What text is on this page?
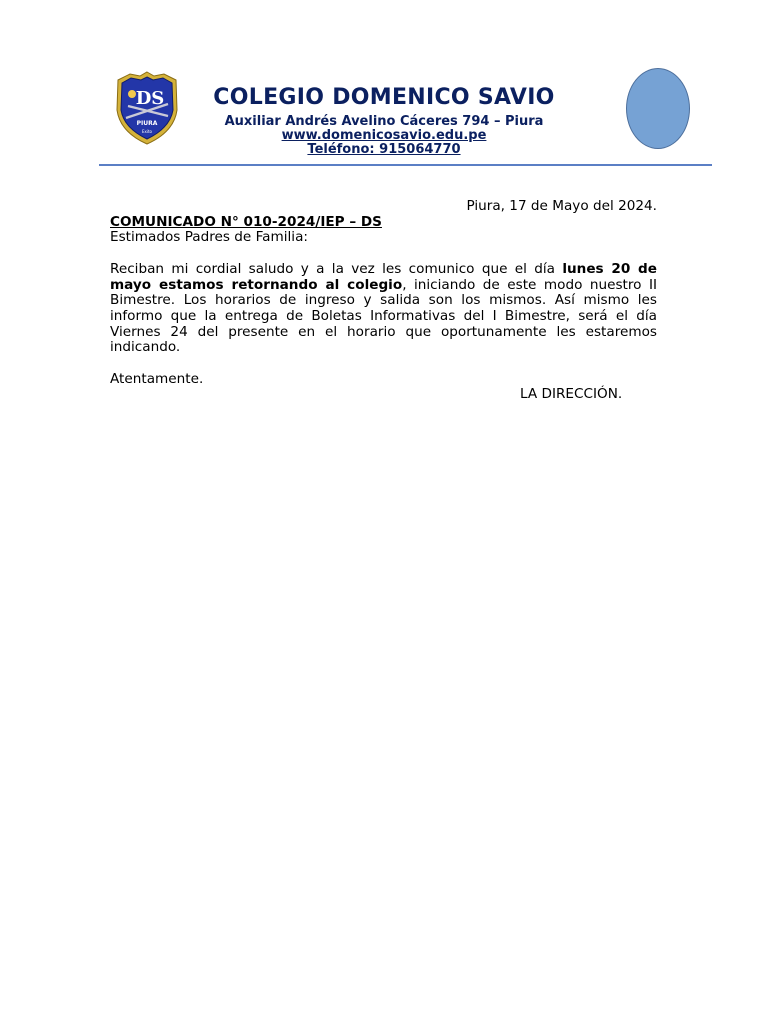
DS
PIURA
Exito
COLEGIO DOMENICO SAVIO
Auxiliar Andrés Avelino Cáceres 794 – Piura
www.domenicosavio.edu.pe
Teléfono: 915064770
Piura, 17 de Mayo del 2024.
COMUNICADO N° 010-2024/IEP – DS
Estimados Padres de Familia:
Reciban mi cordial saludo y a la vez les comunico que el día lunes 20 de mayo estamos retornando al colegio, iniciando de este modo nuestro II Bimestre. Los horarios de ingreso y salida son los mismos. Así mismo les informo que la entrega de Boletas Informativas del I Bimestre, será el día Viernes 24 del presente en el horario que oportunamente les estaremos indicando.
Atentamente.
LA DIRECCIÓN.
